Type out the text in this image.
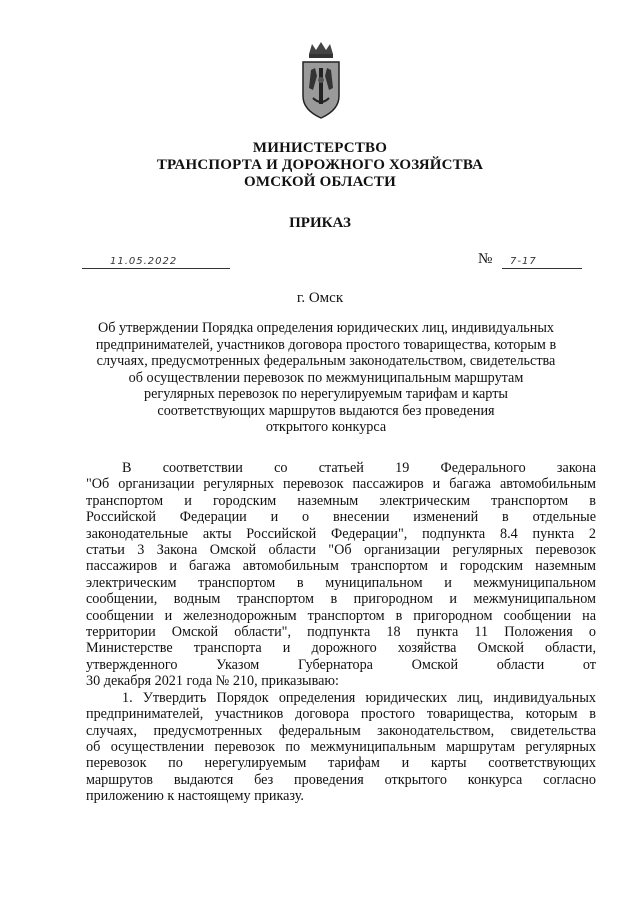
МИНИСТЕРСТВО
ТРАНСПОРТА И ДОРОЖНОГО ХОЗЯЙСТВА
ОМСКОЙ ОБЛАСТИ
ПРИКАЗ
11.05.2022	№ 7-17
г. Омск
Об утверждении Порядка определения юридических лиц, индивидуальных
предпринимателей, участников договора простого товарищества, которым в
случаях, предусмотренных федеральным законодательством, свидетельства
об осуществлении перевозок по межмуниципальным маршрутам
регулярных перевозок по нерегулируемым тарифам и карты
соответствующих маршрутов выдаются без проведения
открытого конкурса
В соответствии со статьей 19 Федерального закона
"Об организации регулярных перевозок пассажиров и багажа автомобильным
транспортом и городским наземным электрическим транспортом в
Российской Федерации и о внесении изменений в отдельные
законодательные акты Российской Федерации", подпункта 8.4 пункта 2
статьи 3 Закона Омской области "Об организации регулярных перевозок
пассажиров и багажа автомобильным транспортом и городским наземным
электрическим транспортом в муниципальном и межмуниципальном
сообщении, водным транспортом в пригородном и межмуниципальном
сообщении и железнодорожным транспортом в пригородном сообщении на
территории Омской области", подпункта 18 пункта 11 Положения о
Министерстве транспорта и дорожного хозяйства Омской области,
утвержденного Указом Губернатора Омской области от
30 декабря 2021 года № 210, приказываю:
1. Утвердить Порядок определения юридических лиц, индивидуальных
предпринимателей, участников договора простого товарищества, которым в
случаях, предусмотренных федеральным законодательством, свидетельства
об осуществлении перевозок по межмуниципальным маршрутам регулярных
перевозок по нерегулируемым тарифам и карты соответствующих
маршрутов выдаются без проведения открытого конкурса согласно
приложению к настоящему приказу.
